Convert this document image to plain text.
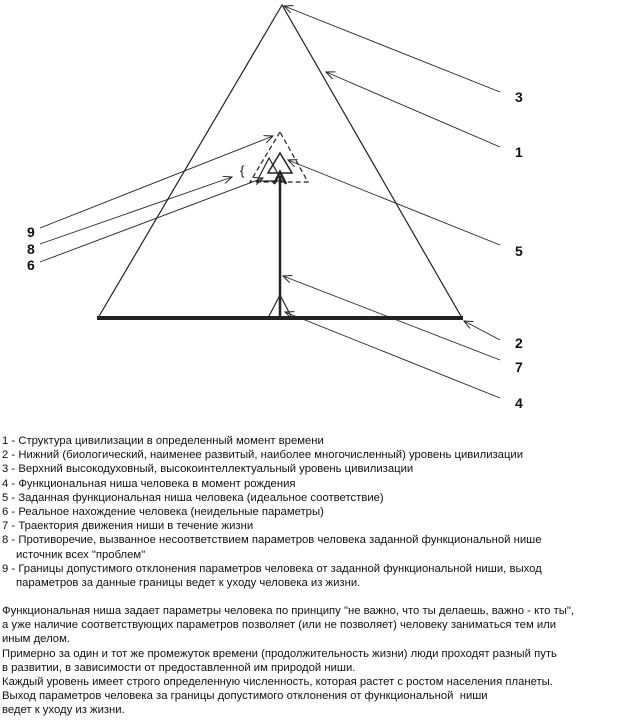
{
3
1
5
2
7
4
9
8
6
1 - Структура цивилизации в определенный момент времени
2 - Нижний (биологический, наименее развитый, наиболее многочисленный) уровень цивилизации
3 - Верхний высокодуховный, высокоинтеллектуальный уровень цивилизации
4 - Функциональная ниша человека в момент рождения
5 - Заданная функциональная ниша человека (идеальное соответствие)
6 - Реальное нахождение человека (неидельные параметры)
7 - Траектория движения ниши в течение жизни
8 - Противоречие, вызванное несоответствием параметров человека заданной функциональной нише
источник всех "проблем"
9 - Границы допустимого отклонения параметров человека от заданной функциональной ниши, выход
параметров за данные границы ведет к уходу человека из жизни.
Функциональная ниша задает параметры человека по принципу "не важно, что ты делаешь, важно - кто ты",
а уже наличие соответствующих параметров позволяет (или не позволяет) человеку заниматься тем или
иным делом.
Примерно за один и тот же промежуток времени (продолжительность жизни) люди проходят разный путь
в развитии, в зависимости от предоставленной им природой ниши.
Каждый уровень имеет строго определенную численность, которая растет с ростом населения планеты.
Выход параметров человека за границы допустимого отклонения от функциональной  ниши
ведет к уходу из жизни.
